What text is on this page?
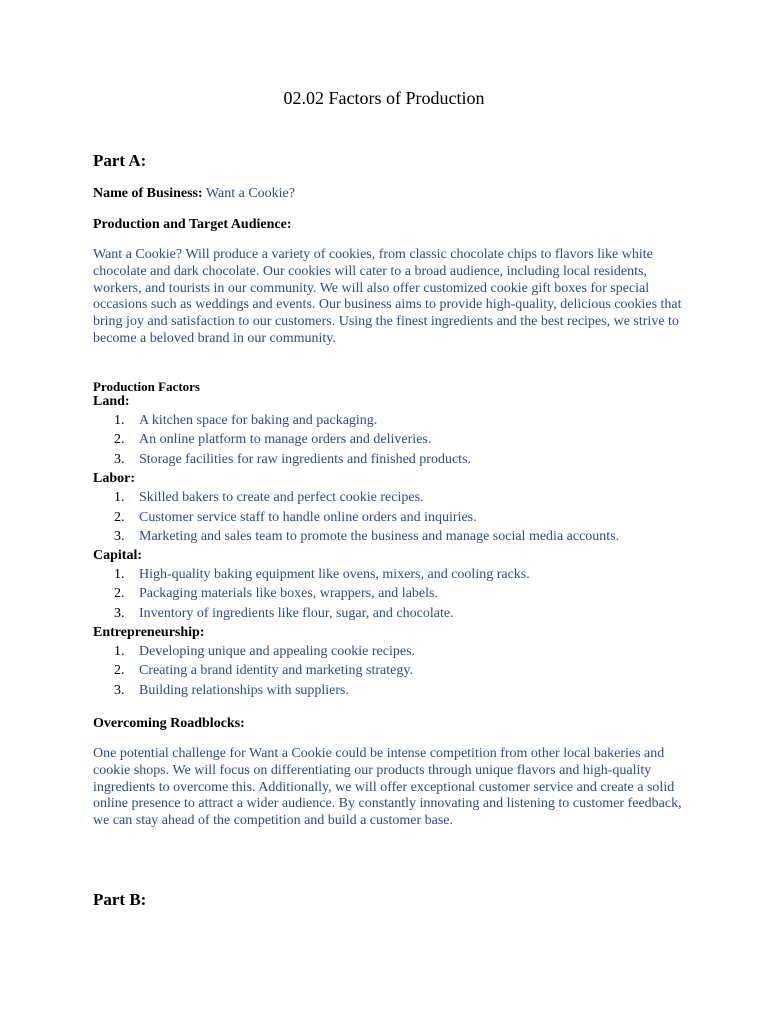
02.02 Factors of Production
Part A:
Name of Business: Want a Cookie?
Production and Target Audience:
Want a Cookie? Will produce a variety of cookies, from classic chocolate chips to flavors like white chocolate and dark chocolate. Our cookies will cater to a broad audience, including local residents, workers, and tourists in our community. We will also offer customized cookie gift boxes for special occasions such as weddings and events. Our business aims to provide high-quality, delicious cookies that bring joy and satisfaction to our customers. Using the finest ingredients and the best recipes, we strive to become a beloved brand in our community.
Production Factors
Land:
1. A kitchen space for baking and packaging.
2. An online platform to manage orders and deliveries.
3. Storage facilities for raw ingredients and finished products.
Labor:
1. Skilled bakers to create and perfect cookie recipes.
2. Customer service staff to handle online orders and inquiries.
3. Marketing and sales team to promote the business and manage social media accounts.
Capital:
1. High-quality baking equipment like ovens, mixers, and cooling racks.
2. Packaging materials like boxes, wrappers, and labels.
3. Inventory of ingredients like flour, sugar, and chocolate.
Entrepreneurship:
1. Developing unique and appealing cookie recipes.
2. Creating a brand identity and marketing strategy.
3. Building relationships with suppliers.
Overcoming Roadblocks:
One potential challenge for Want a Cookie could be intense competition from other local bakeries and cookie shops. We will focus on differentiating our products through unique flavors and high-quality ingredients to overcome this. Additionally, we will offer exceptional customer service and create a solid online presence to attract a wider audience. By constantly innovating and listening to customer feedback, we can stay ahead of the competition and build a customer base.
Part B:
